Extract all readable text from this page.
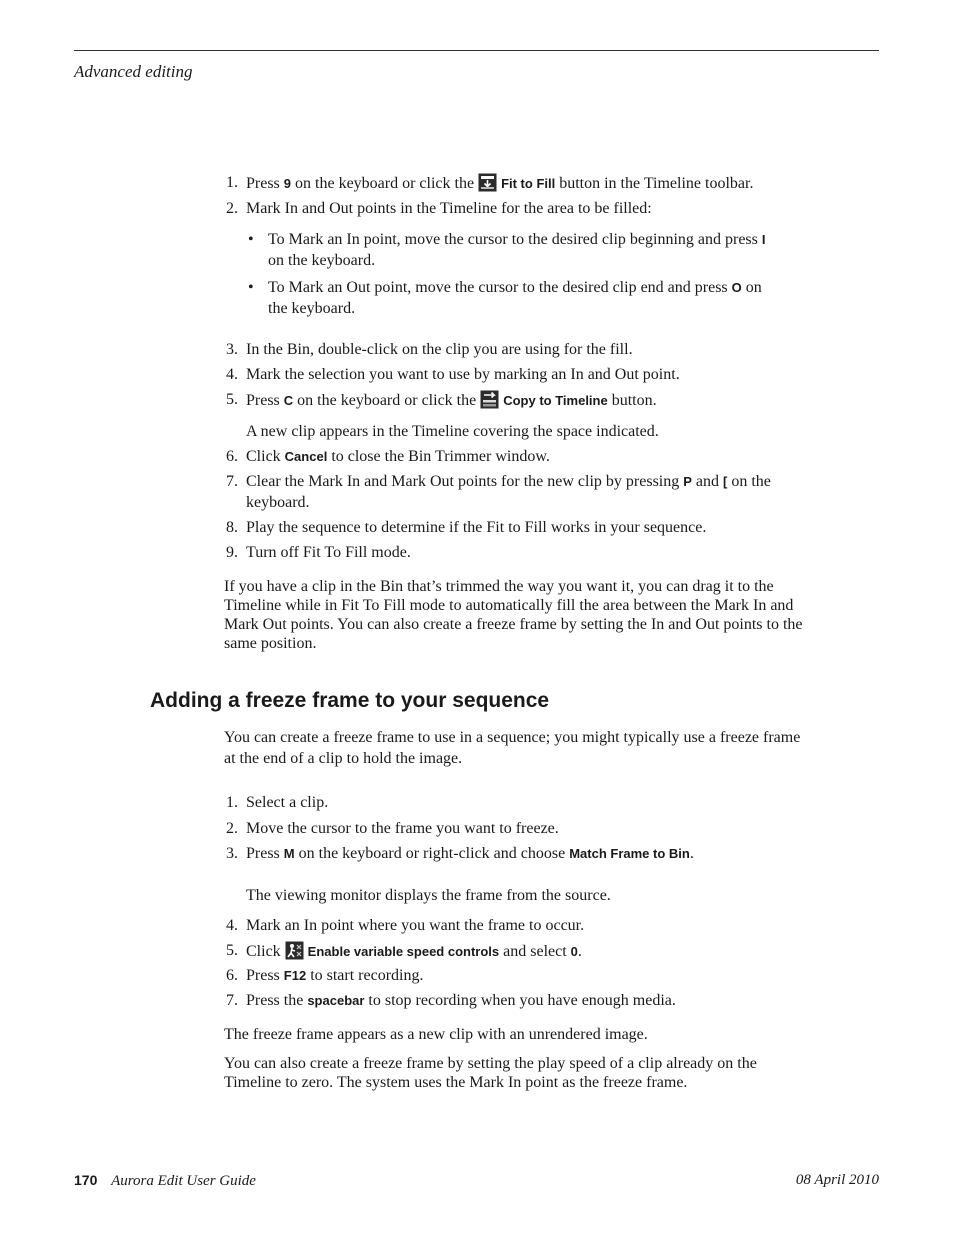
Advanced editing
1. Press 9 on the keyboard or click the Fit to Fill button in the Timeline toolbar.
2. Mark In and Out points in the Timeline for the area to be filled:
• To Mark an In point, move the cursor to the desired clip beginning and press I
on the keyboard.
• To Mark an Out point, move the cursor to the desired clip end and press O on
the keyboard.
3. In the Bin, double-click on the clip you are using for the fill.
4. Mark the selection you want to use by marking an In and Out point.
5. Press C on the keyboard or click the Copy to Timeline button.
A new clip appears in the Timeline covering the space indicated.
6. Click Cancel to close the Bin Trimmer window.
7. Clear the Mark In and Mark Out points for the new clip by pressing P and [ on the
keyboard.
8. Play the sequence to determine if the Fit to Fill works in your sequence.
9. Turn off Fit To Fill mode.
If you have a clip in the Bin that’s trimmed the way you want it, you can drag it to the Timeline while in Fit To Fill mode to automatically fill the area between the Mark In and Mark Out points. You can also create a freeze frame by setting the In and Out points to the same position.
Adding a freeze frame to your sequence
You can create a freeze frame to use in a sequence; you might typically use a freeze frame at the end of a clip to hold the image.
1. Select a clip.
2. Move the cursor to the frame you want to freeze.
3. Press M on the keyboard or right-click and choose Match Frame to Bin.
The viewing monitor displays the frame from the source.
4. Mark an In point where you want the frame to occur.
5. Click Enable variable speed controls and select 0.
6. Press F12 to start recording.
7. Press the spacebar to stop recording when you have enough media.
The freeze frame appears as a new clip with an unrendered image.
You can also create a freeze frame by setting the play speed of a clip already on the Timeline to zero. The system uses the Mark In point as the freeze frame.
170 Aurora Edit User Guide	08 April 2010
